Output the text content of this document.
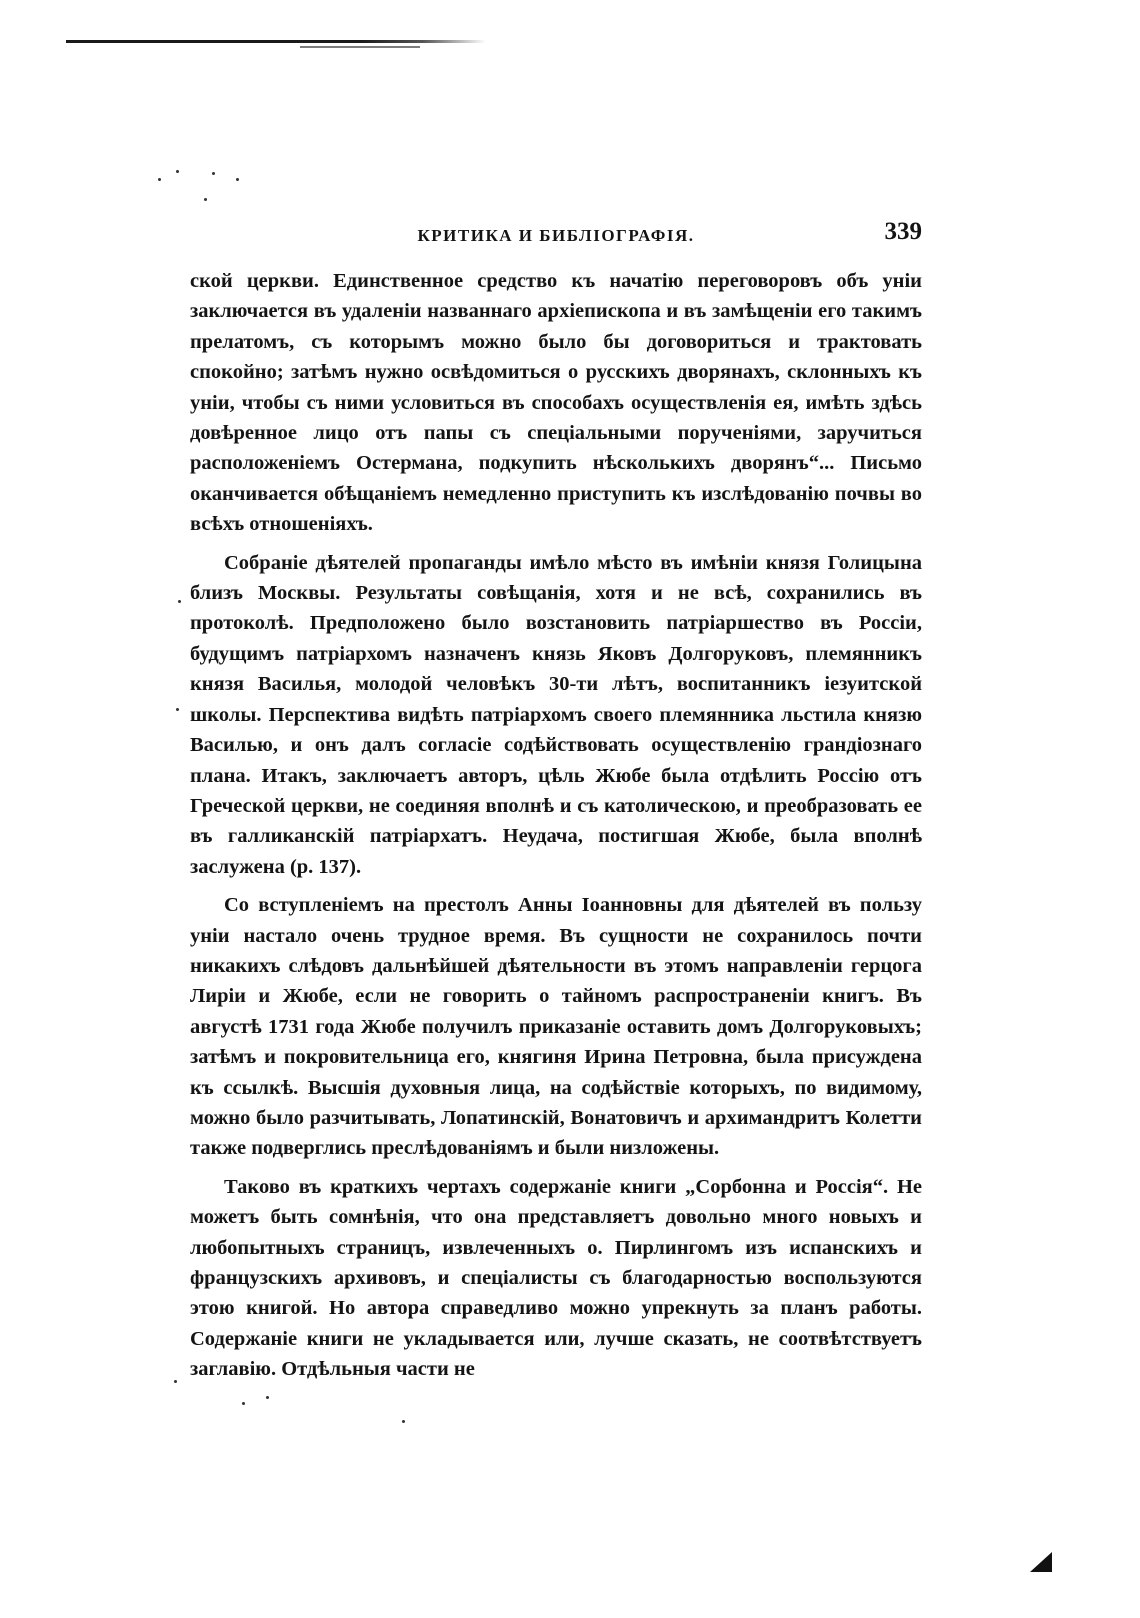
КРИТИКА И БИБЛІОГРАФІЯ.	339

ской церкви. Единственное средство къ начатію переговоровъ объ уніи заключается въ удаленіи названнаго архіепископа и въ замѣщеніи его такимъ прелатомъ, съ которымъ можно было бы договориться и трактовать спокойно; затѣмъ нужно освѣдомиться о русскихъ дворянахъ, склонныхъ къ уніи, чтобы съ ними условиться въ способахъ осуществленія ея, имѣть здѣсь довѣренное лицо отъ папы съ спеціальными порученіями, заручиться расположеніемъ Остермана, подкупить нѣсколькихъ дворянъ“... Письмо оканчивается обѣщаніемъ немедленно приступить къ изслѣдованію почвы во всѣхъ отношеніяхъ.

Собраніе дѣятелей пропаганды имѣло мѣсто въ имѣніи князя Голицына близъ Москвы. Результаты совѣщанія, хотя и не всѣ, сохранились въ протоколѣ. Предположено было возстановить патріаршество въ Россіи, будущимъ патріархомъ назначенъ князь Яковъ Долгоруковъ, племянникъ князя Василья, молодой человѣкъ 30-ти лѣтъ, воспитанникъ іезуитской школы. Перспектива видѣть патріархомъ своего племянника льстила князю Василью, и онъ далъ согласіе содѣйствовать осуществленію грандіознаго плана. Итакъ, заключаетъ авторъ, цѣль Жюбе была отдѣлить Россію отъ Греческой церкви, не соединяя вполнѣ и съ католическою, и преобразовать ее въ галликанскій патріархатъ. Неудача, постигшая Жюбе, была вполнѣ заслужена (р. 137).

Со вступленіемъ на престолъ Анны Іоанновны для дѣятелей въ пользу уніи настало очень трудное время. Въ сущности не сохранилось почти никакихъ слѣдовъ дальнѣйшей дѣятельности въ этомъ направленіи герцога Лиріи и Жюбе, если не говорить о тайномъ распространеніи книгъ. Въ августѣ 1731 года Жюбе получилъ приказаніе оставить домъ Долгоруковыхъ; затѣмъ и покровительница его, княгиня Ирина Петровна, была присуждена къ ссылкѣ. Высшія духовныя лица, на содѣйствіе которыхъ, по видимому, можно было разчитывать, Лопатинскій, Вонатовичъ и архимандритъ Колетти также подверглись преслѣдованіямъ и были низложены.

Таково въ краткихъ чертахъ содержаніе книги „Сорбонна и Россія“. Не можетъ быть сомнѣнія, что она представляетъ довольно много новыхъ и любопытныхъ страницъ, извлеченныхъ о. Пирлингомъ изъ испанскихъ и французскихъ архивовъ, и спеціалисты съ благодарностью воспользуются этою книгой. Но автора справедливо можно упрекнуть за планъ работы. Содержаніе книги не укладывается или, лучше сказать, не соотвѣтствуетъ заглавію. Отдѣльныя части не
